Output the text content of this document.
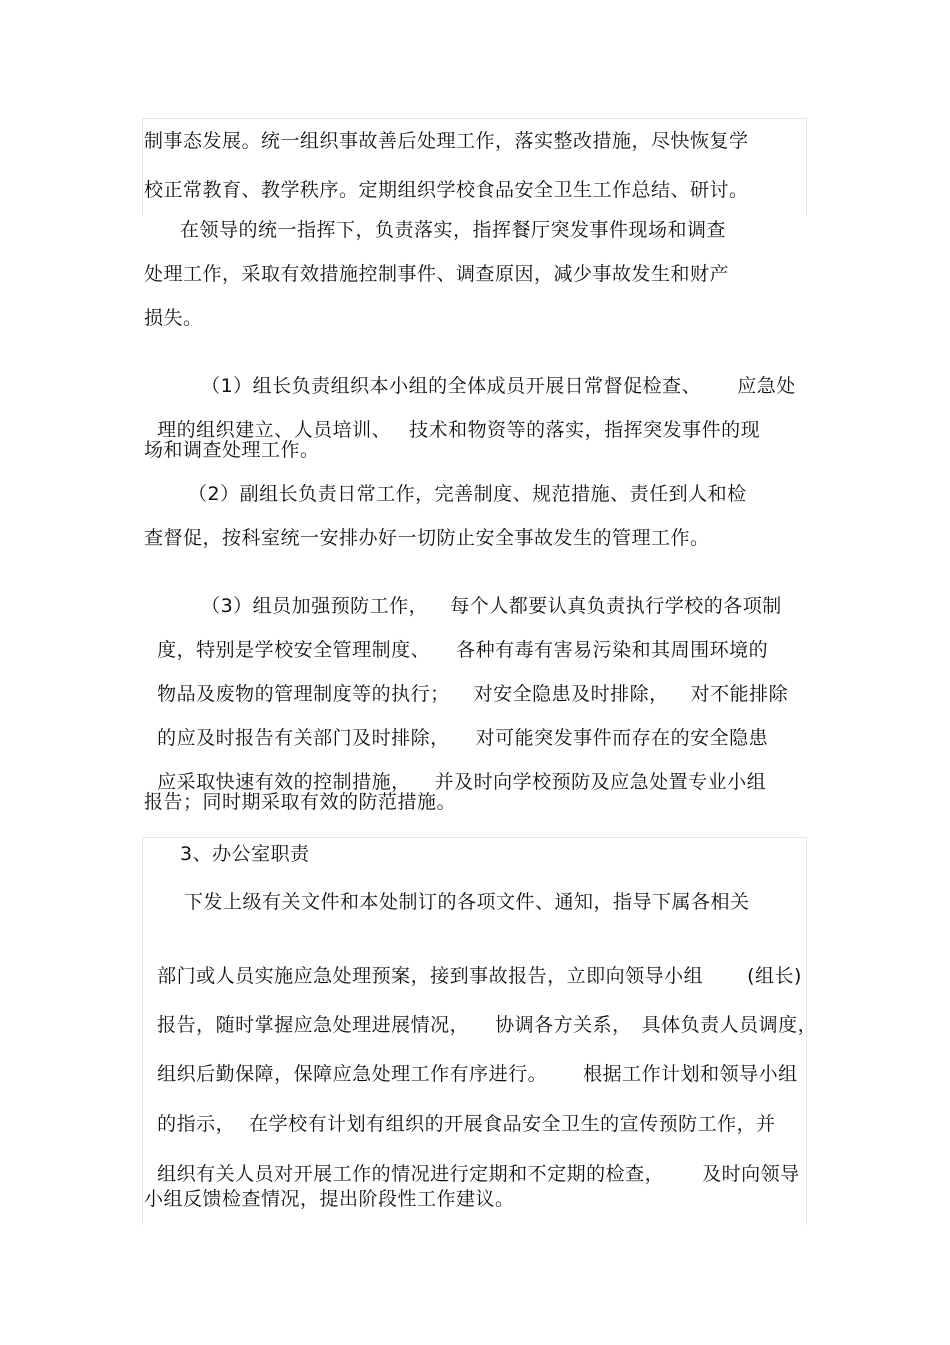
制事态发展。统一组织事故善后处理工作，落实整改措施，尽快恢复学
校正常教育、教学秩序。定期组织学校食品安全卫生工作总结、研讨。
在领导的统一指挥下，负责落实，指挥餐厅突发事件现场和调查
处理工作，采取有效措施控制事件、调查原因，减少事故发生和财产
损失。

（1）组长负责组织本小组的全体成员开展日常督促检查、 应急处

理的组织建立、人员培训、 技术和物资等的落实，指挥突发事件的现

场和调查处理工作。
（2）副组长负责日常工作，完善制度、规范措施、责任到人和检
查督促，按科室统一安排办好一切防止安全事故发生的管理工作。

（3）组员加强预防工作， 每个人都要认真负责执行学校的各项制

度，特别是学校安全管理制度、 各种有毒有害易污染和其周围环境的

物品及废物的管理制度等的执行； 对安全隐患及时排除， 对不能排除

的应及时报告有关部门及时排除， 对可能突发事件而存在的安全隐患

应采取快速有效的控制措施， 并及时向学校预防及应急处置专业小组

报告；同时期采取有效的防范措施。
3、办公室职责
下发上级有关文件和本处制订的各项文件、通知，指导下属各相关

部门或人员实施应急处理预案，接到事故报告，立即向领导小组 (组长)

报告，随时掌握应急处理进展情况， 协调各方关系， 具体负责人员调度，

组织后勤保障，保障应急处理工作有序进行。 根据工作计划和领导小组

的指示， 在学校有计划有组织的开展食品安全卫生的宣传预防工作，并

组织有关人员对开展工作的情况进行定期和不定期的检查， 及时向领导

小组反馈检查情况，提出阶段性工作建议。
